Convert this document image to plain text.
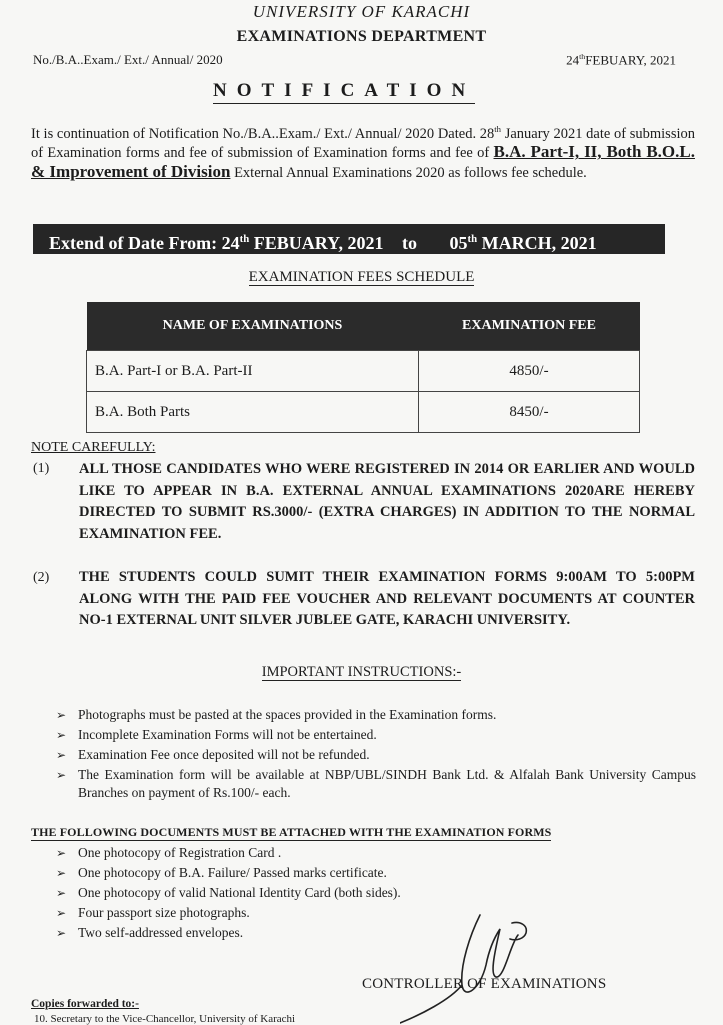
UNIVERSITY OF KARACHI
EXAMINATIONS DEPARTMENT
No./B.A..Exam./ Ext./ Annual/ 2020	24thFEBUARY, 2021
NOTIFICATION
It is continuation of Notification No./B.A..Exam./ Ext./ Annual/ 2020 Dated. 28th January 2021 date of submission of Examination forms and fee of submission of Examination forms and fee of B.A. Part-I, II, Both B.O.L. & Improvement of Division External Annual Examinations 2020 as follows fee schedule.
Extend of Date From: 24th FEBUARY, 2021 to 05th MARCH, 2021
EXAMINATION FEES SCHEDULE
NAME OF EXAMINATIONS	EXAMINATION FEE
B.A. Part-I or B.A. Part-II	4850/-
B.A. Both Parts	8450/-
NOTE CAREFULLY:
(1) ALL THOSE CANDIDATES WHO WERE REGISTERED IN 2014 OR EARLIER AND WOULD LIKE TO APPEAR IN B.A. EXTERNAL ANNUAL EXAMINATIONS 2020ARE HEREBY DIRECTED TO SUBMIT RS.3000/- (EXTRA CHARGES) IN ADDITION TO THE NORMAL EXAMINATION FEE.
(2) THE STUDENTS COULD SUMIT THEIR EXAMINATION FORMS 9:00AM TO 5:00PM ALONG WITH THE PAID FEE VOUCHER AND RELEVANT DOCUMENTS AT COUNTER NO-1 EXTERNAL UNIT SILVER JUBLEE GATE, KARACHI UNIVERSITY.
IMPORTANT INSTRUCTIONS:-
➢ Photographs must be pasted at the spaces provided in the Examination forms.
➢ Incomplete Examination Forms will not be entertained.
➢ Examination Fee once deposited will not be refunded.
➢ The Examination form will be available at NBP/UBL/SINDH Bank Ltd. & Alfalah Bank University Campus Branches on payment of Rs.100/- each.
THE FOLLOWING DOCUMENTS MUST BE ATTACHED WITH THE EXAMINATION FORMS
➢ One photocopy of Registration Card .
➢ One photocopy of B.A. Failure/ Passed marks certificate.
➢ One photocopy of valid National Identity Card (both sides).
➢ Four passport size photographs.
➢ Two self-addressed envelopes.
CONTROLLER OF EXAMINATIONS
Copies forwarded to:-
10. Secretary to the Vice-Chancellor, University of Karachi
